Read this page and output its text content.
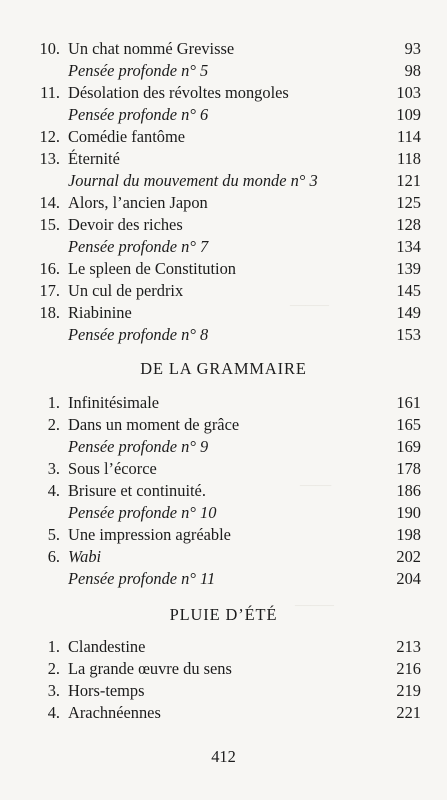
─────
────
─────
10. Un chat nommé Grevisse	93
Pensée profonde n° 5	98
11. Désolation des révoltes mongoles	103
Pensée profonde n° 6	109
12. Comédie fantôme	114
13. Éternité	118
Journal du mouvement du monde n° 3	121
14. Alors, l’ancien Japon	125
15. Devoir des riches	128
Pensée profonde n° 7	134
16. Le spleen de Constitution	139
17. Un cul de perdrix	145
18. Riabinine	149
Pensée profonde n° 8	153
DE LA GRAMMAIRE
1. Infinitésimale	161
2. Dans un moment de grâce	165
Pensée profonde n° 9	169
3. Sous l’écorce	178
4. Brisure et continuité.	186
Pensée profonde n° 10	190
5. Une impression agréable	198
6. Wabi	202
Pensée profonde n° 11	204
PLUIE D’ÉTÉ
1. Clandestine	213
2. La grande œuvre du sens	216
3. Hors-temps	219
4. Arachnéennes	221
412
